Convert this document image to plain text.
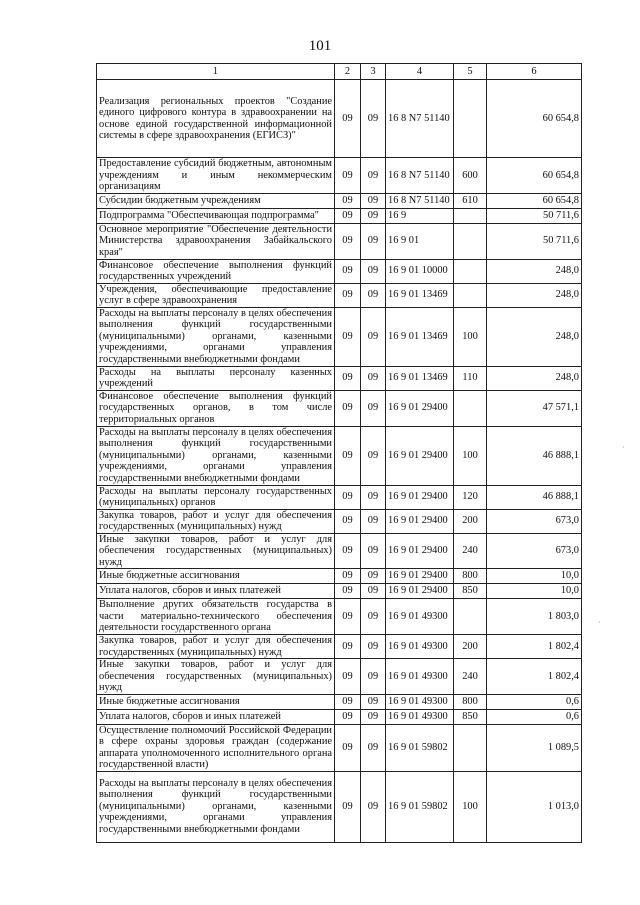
101
1	2	3	4	5	6
Реализация региональных проектов "Создание единого цифрового контура в здравоохранении на основе единой государственной информационной системы в сфере здравоохранения (ЕГИСЗ)"	09	09	16 8 N7 51140		60 654,8
Предоставление субсидий бюджетным, автономным учреждениям и иным некоммерческим организациям	09	09	16 8 N7 51140	600	60 654,8
Субсидии бюджетным учреждениям	09	09	16 8 N7 51140	610	60 654,8
Подпрограмма "Обеспечивающая подпрограмма"	09	09	16 9		50 711,6
Основное мероприятие "Обеспечение деятельности Министерства здравоохранения Забайкальского края"	09	09	16 9 01		50 711,6
Финансовое обеспечение выполнения функций государственных учреждений	09	09	16 9 01 10000		248,0
Учреждения, обеспечивающие предоставление услуг в сфере здравоохранения	09	09	16 9 01 13469		248,0
Расходы на выплаты персоналу в целях обеспечения выполнения функций государственными (муниципальными) органами, казенными учреждениями, органами управления государственными внебюджетными фондами	09	09	16 9 01 13469	100	248,0
Расходы на выплаты персоналу казенных учреждений	09	09	16 9 01 13469	110	248,0
Финансовое обеспечение выполнения функций государственных органов, в том числе территориальных органов	09	09	16 9 01 29400		47 571,1
Расходы на выплаты персоналу в целях обеспечения выполнения функций государственными (муниципальными) органами, казенными учреждениями, органами управления государственными внебюджетными фондами	09	09	16 9 01 29400	100	46 888,1
Расходы на выплаты персоналу государственных (муниципальных) органов	09	09	16 9 01 29400	120	46 888,1
Закупка товаров, работ и услуг для обеспечения государственных (муниципальных) нужд	09	09	16 9 01 29400	200	673,0
Иные закупки товаров, работ и услуг для обеспечения государственных (муниципальных) нужд	09	09	16 9 01 29400	240	673,0
Иные бюджетные ассигнования	09	09	16 9 01 29400	800	10,0
Уплата налогов, сборов и иных платежей	09	09	16 9 01 29400	850	10,0
Выполнение других обязательств государства в части материально-технического обеспечения деятельности государственного органа	09	09	16 9 01 49300		1 803,0
Закупка товаров, работ и услуг для обеспечения государственных (муниципальных) нужд	09	09	16 9 01 49300	200	1 802,4
Иные закупки товаров, работ и услуг для обеспечения государственных (муниципальных) нужд	09	09	16 9 01 49300	240	1 802,4
Иные бюджетные ассигнования	09	09	16 9 01 49300	800	0,6
Уплата налогов, сборов и иных платежей	09	09	16 9 01 49300	850	0,6
Осуществление полномочий Российской Федерации в сфере охраны здоровья граждан (содержание аппарата уполномоченного исполнительного органа государственной власти)	09	09	16 9 01 59802		1 089,5
Расходы на выплаты персоналу в целях обеспечения выполнения функций государственными (муниципальными) органами, казенными учреждениями, органами управления государственными внебюджетными фондами	09	09	16 9 01 59802	100	1 013,0
·
·
